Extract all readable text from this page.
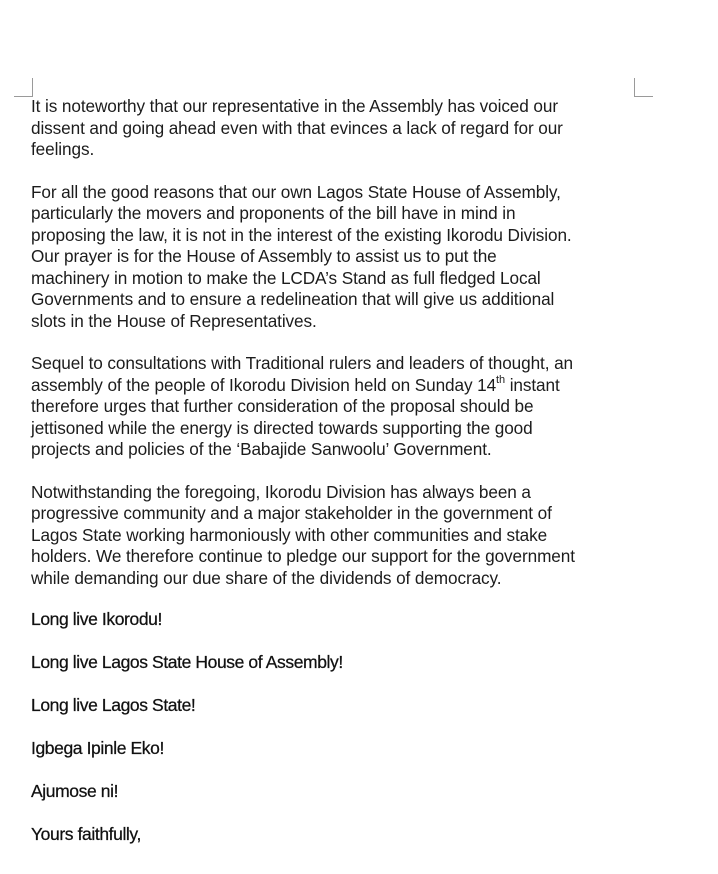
It is noteworthy that our representative in the Assembly has voiced our
dissent and going ahead even with that evinces a lack of regard for our
feelings.

For all the good reasons that our own Lagos State House of Assembly,
particularly the movers and proponents of the bill have in mind in
proposing the law, it is not in the interest of the existing Ikorodu Division.
Our prayer is for the House of Assembly to assist us to put the
machinery in motion to make the LCDA’s Stand as full fledged Local
Governments and to ensure a redelineation that will give us additional
slots in the House of Representatives.

Sequel to consultations with Traditional rulers and leaders of thought, an
assembly of the people of Ikorodu Division held on Sunday 14th instant
therefore urges that further consideration of the proposal should be
jettisoned while the energy is directed towards supporting the good
projects and policies of the ‘Babajide Sanwoolu’ Government.

Notwithstanding the foregoing, Ikorodu Division has always been a
progressive community and a major stakeholder in the government of
Lagos State working harmoniously with other communities and stake
holders. We therefore continue to pledge our support for the government
while demanding our due share of the dividends of democracy.

Long live Ikorodu!

Long live Lagos State House of Assembly!

Long live Lagos State!

Igbega Ipinle Eko!

Ajumose ni!

Yours faithfully,
